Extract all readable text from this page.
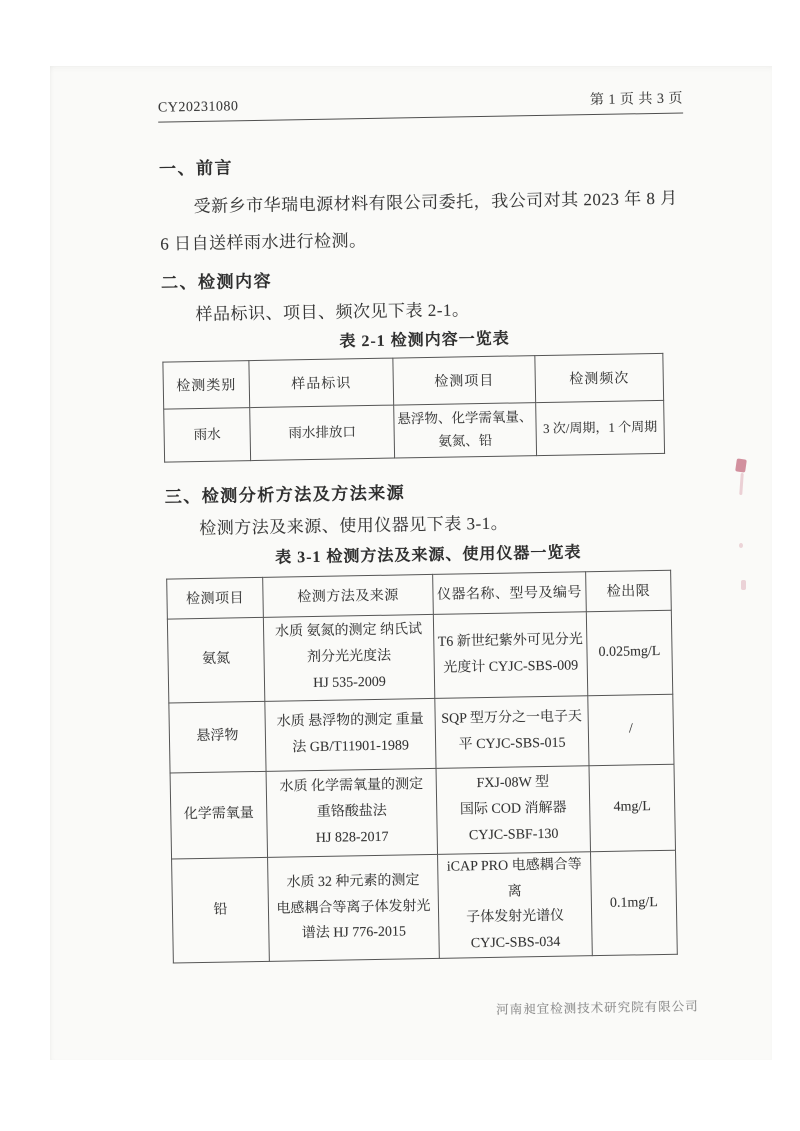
CY20231080	第 1 页 共 3 页
一、前言

受新乡市华瑞电源材料有限公司委托，我公司对其 2023 年 8 月 6 日自送样雨水进行检测。

二、检测内容

样品标识、项目、频次见下表 2-1。

表 2-1 检测内容一览表
检测类别	样品标识	检测项目	检测频次
雨水	雨水排放口	悬浮物、化学需氧量、
氨氮、铅	3 次/周期，1 个周期
三、检测分析方法及方法来源

检测方法及来源、使用仪器见下表 3-1。

表 3-1 检测方法及来源、使用仪器一览表
检测项目	检测方法及来源	仪器名称、型号及编号	检出限
氨氮	水质 氨氮的测定 纳氏试
剂分光光度法
HJ 535-2009	T6 新世纪紫外可见分光
光度计 CYJC-SBS-009	0.025mg/L
悬浮物	水质 悬浮物的测定 重量
法 GB/T11901-1989	SQP 型万分之一电子天
平 CYJC-SBS-015	/
化学需氧量	水质 化学需氧量的测定
重铬酸盐法
HJ 828-2017	FXJ-08W 型
国际 COD 消解器
CYJC-SBF-130	4mg/L
铅	水质 32 种元素的测定
电感耦合等离子体发射光
谱法 HJ 776-2015	iCAP PRO 电感耦合等离
子体发射光谱仪
CYJC-SBS-034	0.1mg/L
河南昶宜检测技术研究院有限公司
